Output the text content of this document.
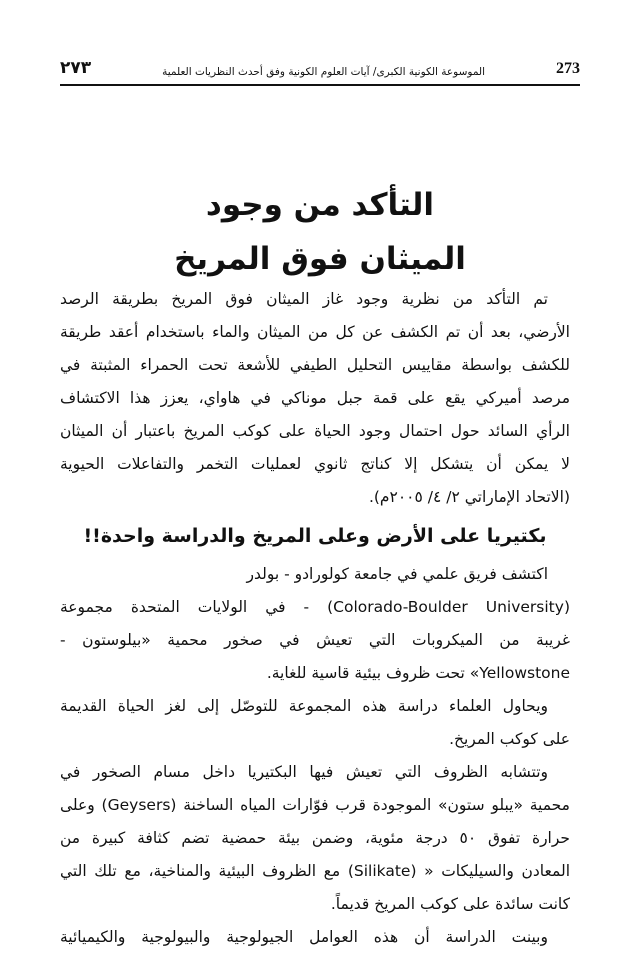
٢٧٣	الموسوعة الكونية الكبرى/ آيات العلوم الكونية وفق أحدث النظريات العلمية	273
التأكد من وجود
الميثان فوق المريخ
تم التأكد من نظرية وجود غاز الميثان فوق المريخ بطريقة الرصد
الأرضي، بعد أن تم الكشف عن كل من الميثان والماء باستخدام أعقد طريقة
للكشف بواسطة مقاييس التحليل الطيفي للأشعة تحت الحمراء المثبتة في
مرصد أميركي يقع على قمة جبل موناكي في هاواي، يعزز هذا الاكتشاف
الرأي السائد حول احتمال وجود الحياة على كوكب المريخ باعتبار أن الميثان
لا يمكن أن يتشكل إلا كناتج ثانوي لعمليات التخمر والتفاعلات الحيوية
(الاتحاد الإماراتي ٢/ ٤/ ٢٠٠٥م).
بكتيريا على الأرض وعلى المريخ والدراسة واحدة!!
اكتشف فريق علمي في جامعة كولورادو - بولدر
(Colorado-Boulder University) - في الولايات المتحدة مجموعة
غريبة من الميكروبات التي تعيش في صخور محمية «بيلوستون -
Yellowstone» تحت ظروف بيئية قاسية للغاية.
ويحاول العلماء دراسة هذه المجموعة للتوصّل إلى لغز الحياة القديمة
على كوكب المريخ.
وتتشابه الظروف التي تعيش فيها البكتيريا داخل مسام الصخور في
محمية «يبلو ستون» الموجودة قرب فوّارات المياه الساخنة (Geysers) وعلى
حرارة تفوق ٥٠ درجة مئوية، وضمن بيئة حمضية تضم كثافة كبيرة من
المعادن والسيليكات « (Silikate) مع الظروف البيئية والمناخية، مع تلك التي
كانت سائدة على كوكب المريخ قديماً.
وبينت الدراسة أن هذه العوامل الجيولوجية والبيولوجية والكيميائية
